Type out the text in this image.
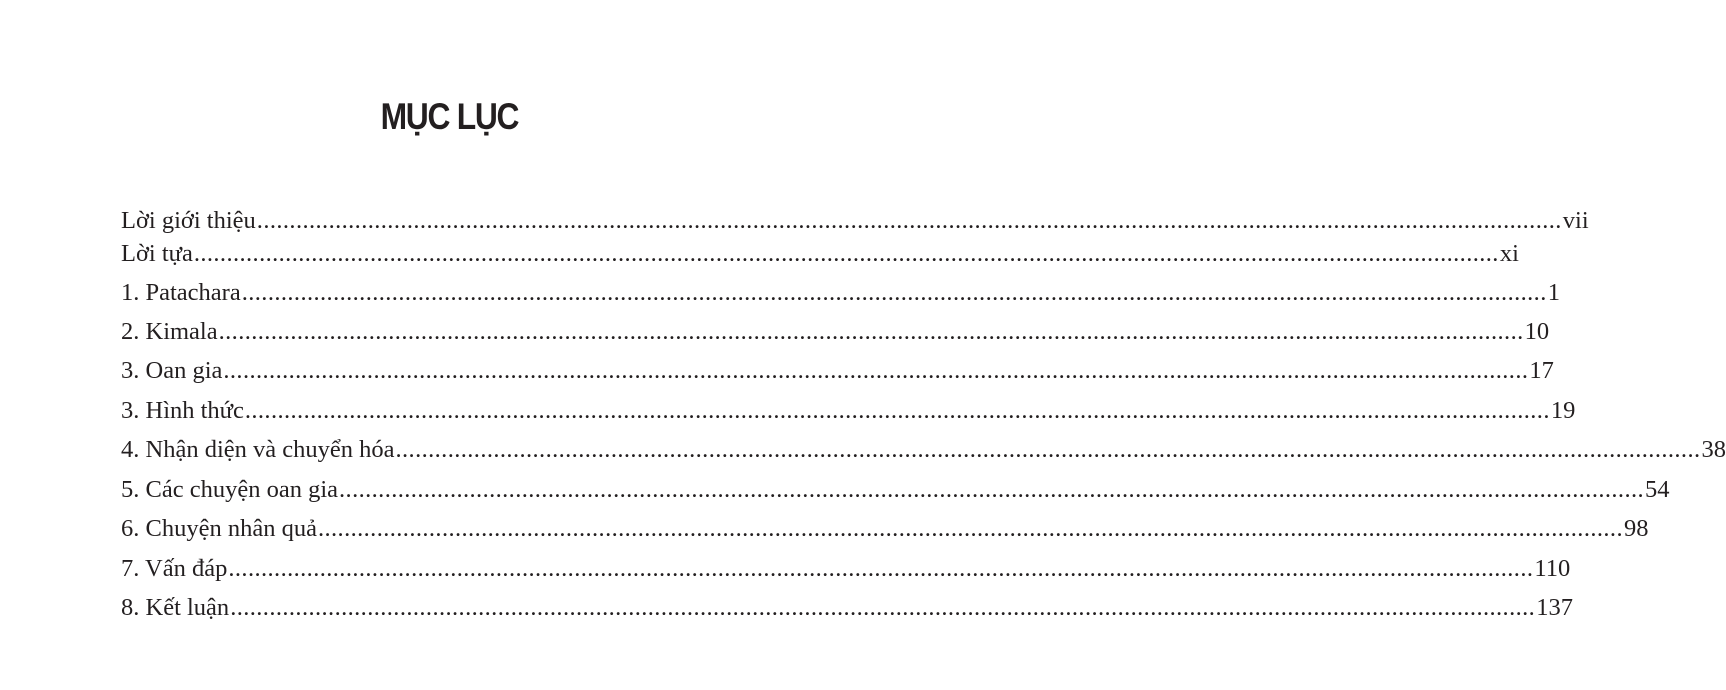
MỤC LỤC
Lời giới thiệu ........................................................................................................................................................................................................ vii
Lời tựa ........................................................................................................................................................................................................ xi
1. Patachara ........................................................................................................................................................................................................ 1
2. Kimala ........................................................................................................................................................................................................ 10
3. Oan gia ........................................................................................................................................................................................................ 17
3. Hình thức ........................................................................................................................................................................................................ 19
4. Nhận diện và chuyển hóa ........................................................................................................................................................................................................ 38
5. Các chuyện oan gia ........................................................................................................................................................................................................ 54
6. Chuyện nhân quả ........................................................................................................................................................................................................ 98
7. Vấn đáp ........................................................................................................................................................................................................ 110
8. Kết luận ........................................................................................................................................................................................................ 137
